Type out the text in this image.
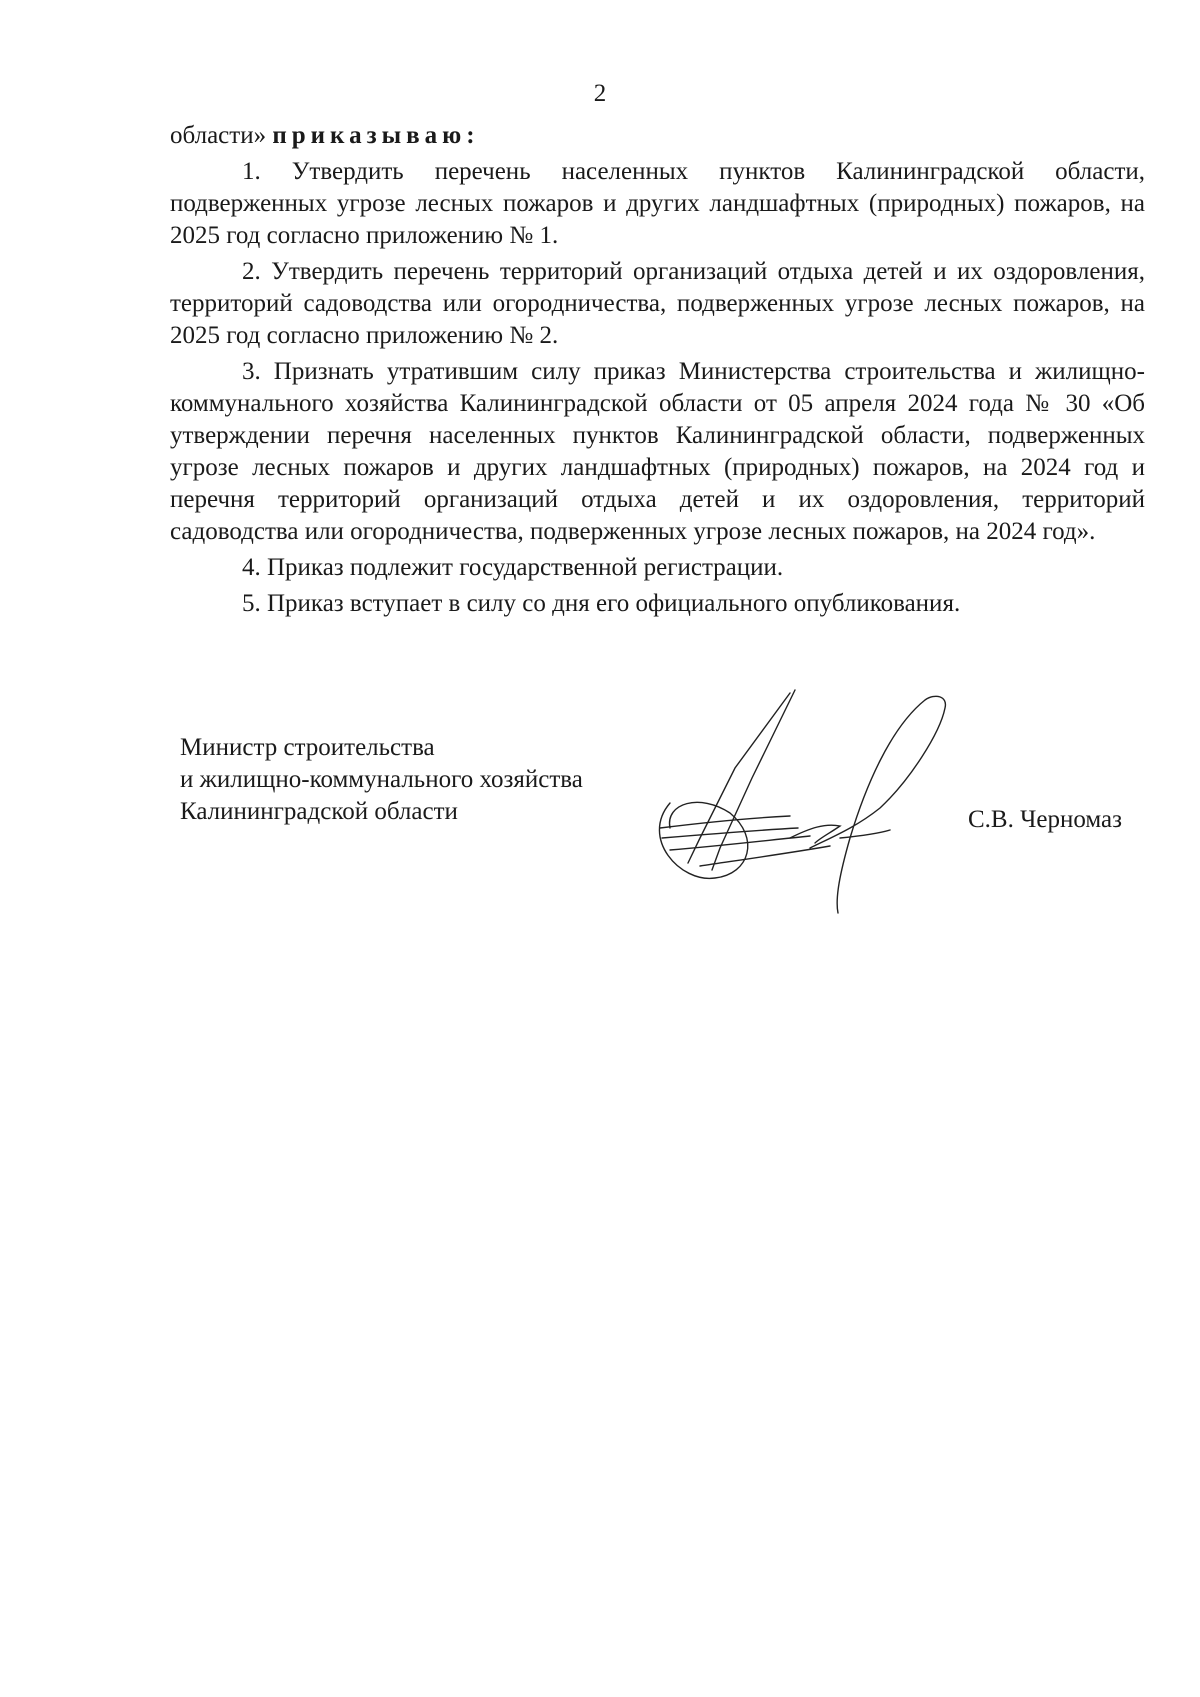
2

области» приказываю:

1. Утвердить перечень населенных пунктов Калининградской области, подверженных угрозе лесных пожаров и других ландшафтных (природных) пожаров, на 2025 год согласно приложению № 1.

2. Утвердить перечень территорий организаций отдыха детей и их оздоровления, территорий садоводства или огородничества, подверженных угрозе лесных пожаров, на 2025 год согласно приложению № 2.

3. Признать утратившим силу приказ Министерства строительства и жилищно-коммунального хозяйства Калининградской области от 05 апреля 2024 года № 30 «Об утверждении перечня населенных пунктов Калининградской области, подверженных угрозе лесных пожаров и других ландшафтных (природных) пожаров, на 2024 год и перечня территорий организаций отдыха детей и их оздоровления, территорий садоводства или огородничества, подверженных угрозе лесных пожаров, на 2024 год».

4. Приказ подлежит государственной регистрации.

5. Приказ вступает в силу со дня его официального опубликования.

Министр строительства
и жилищно-коммунального хозяйства
Калининградской области	С.В. Черномаз
